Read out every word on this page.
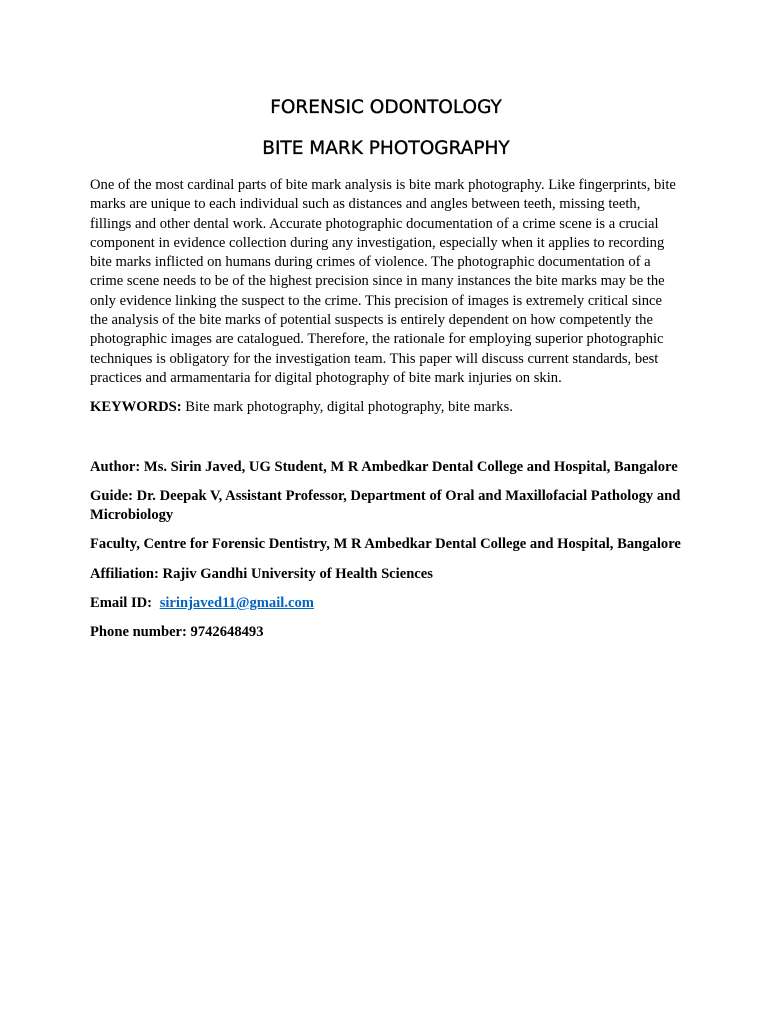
FORENSIC ODONTOLOGY
BITE MARK PHOTOGRAPHY

One of the most cardinal parts of bite mark analysis is bite mark photography. Like fingerprints, bite marks are unique to each individual such as distances and angles between teeth, missing teeth, fillings and other dental work. Accurate photographic documentation of a crime scene is a crucial component in evidence collection during any investigation, especially when it applies to recording bite marks inflicted on humans during crimes of violence. The photographic documentation of a crime scene needs to be of the highest precision since in many instances the bite marks may be the only evidence linking the suspect to the crime. This precision of images is extremely critical since the analysis of the bite marks of potential suspects is entirely dependent on how competently the photographic images are catalogued. Therefore, the rationale for employing superior photographic techniques is obligatory for the investigation team. This paper will discuss current standards, best practices and armamentaria for digital photography of bite mark injuries on skin.

KEYWORDS: Bite mark photography, digital photography, bite marks.

Author: Ms. Sirin Javed, UG Student, M R Ambedkar Dental College and Hospital, Bangalore

Guide: Dr. Deepak V, Assistant Professor, Department of Oral and Maxillofacial Pathology and Microbiology

Faculty, Centre for Forensic Dentistry, M R Ambedkar Dental College and Hospital, Bangalore

Affiliation: Rajiv Gandhi University of Health Sciences

Email ID: sirinjaved11@gmail.com

Phone number: 9742648493
